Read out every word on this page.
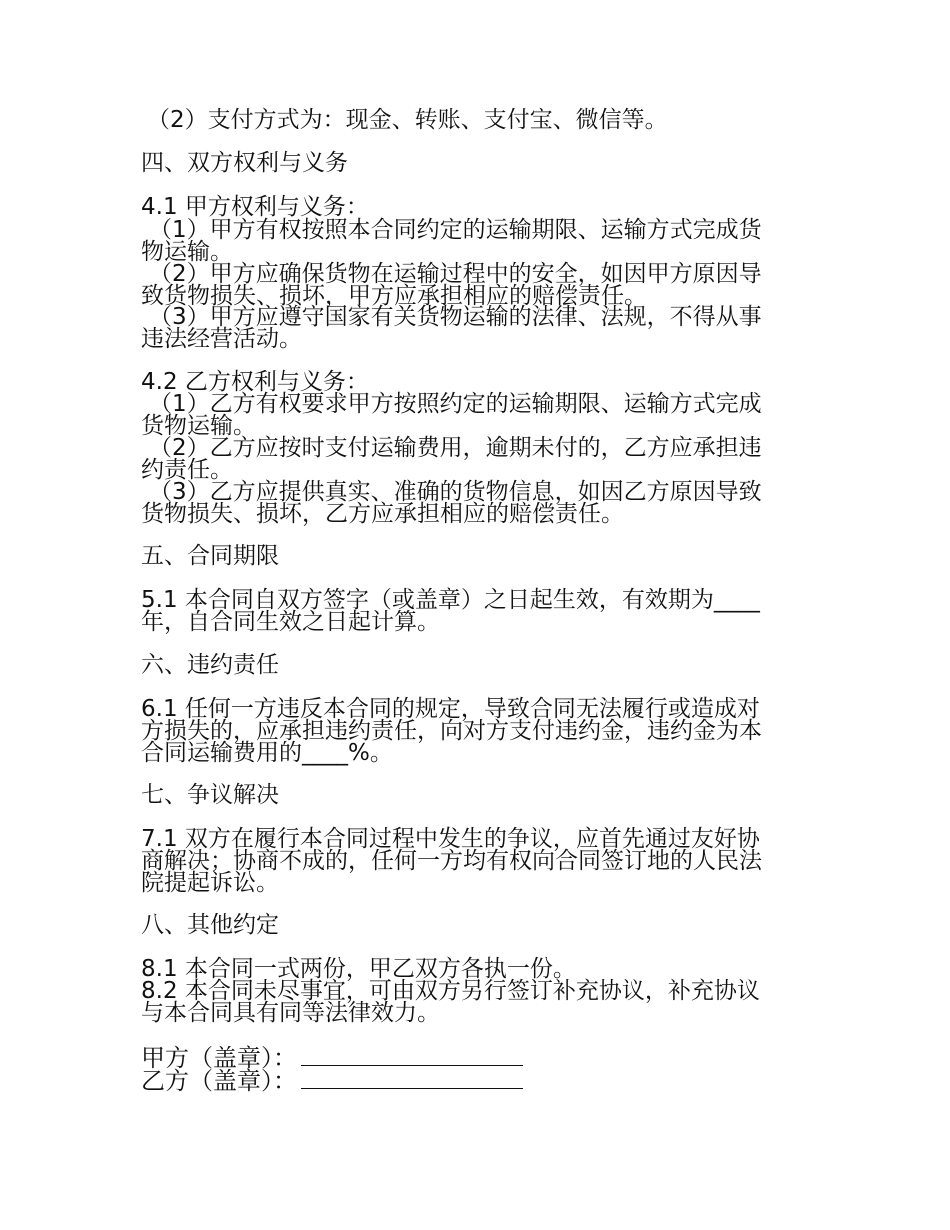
（2）支付方式为：现金、转账、支付宝、微信等。

四、双方权利与义务

4.1 甲方权利与义务：

（1）甲方有权按照本合同约定的运输期限、运输方式完成货

物运输。

（2）甲方应确保货物在运输过程中的安全，如因甲方原因导

致货物损失、损坏，甲方应承担相应的赔偿责任。

（3）甲方应遵守国家有关货物运输的法律、法规，不得从事

违法经营活动。

4.2 乙方权利与义务：

（1）乙方有权要求甲方按照约定的运输期限、运输方式完成

货物运输。

（2）乙方应按时支付运输费用，逾期未付的，乙方应承担违

约责任。

（3）乙方应提供真实、准确的货物信息，如因乙方原因导致

货物损失、损坏，乙方应承担相应的赔偿责任。

五、合同期限

5.1 本合同自双方签字（或盖章）之日起生效，有效期为____

年，自合同生效之日起计算。

六、违约责任

6.1 任何一方违反本合同的规定，导致合同无法履行或造成对

方损失的，应承担违约责任，向对方支付违约金，违约金为本

合同运输费用的____%。

七、争议解决

7.1 双方在履行本合同过程中发生的争议，应首先通过友好协

商解决；协商不成的，任何一方均有权向合同签订地的人民法

院提起诉讼。

八、其他约定

8.1 本合同一式两份，甲乙双方各执一份。

8.2 本合同未尽事宜，可由双方另行签订补充协议，补充协议

与本合同具有同等法律效力。

甲方（盖章）：
乙方（盖章）：
